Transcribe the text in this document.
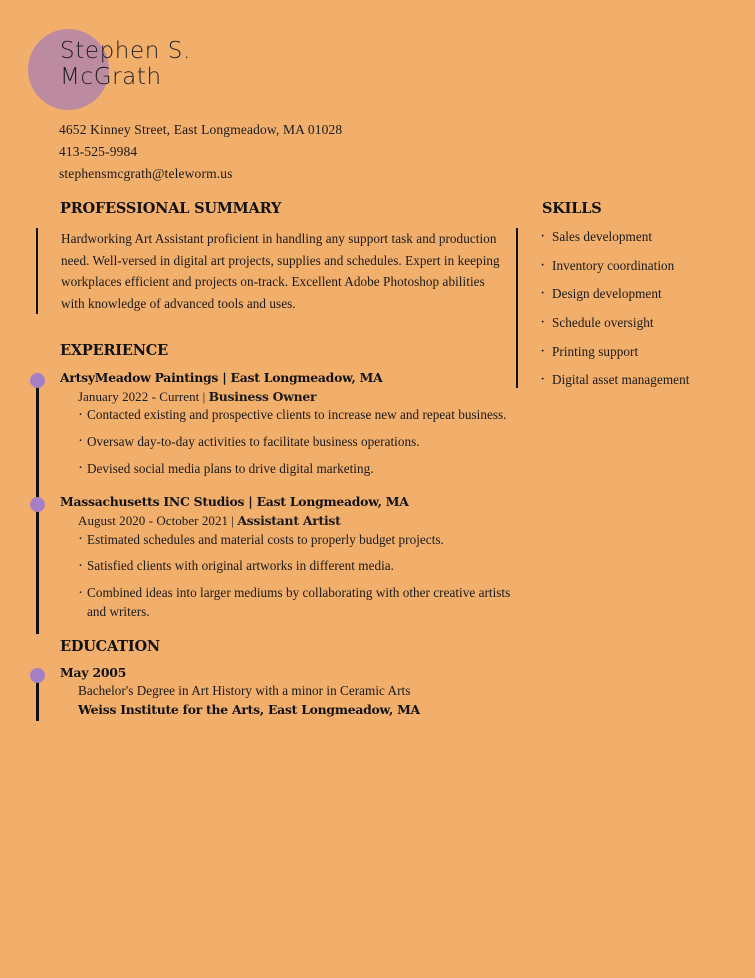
Stephen S.
McGrath
4652 Kinney Street, East Longmeadow, MA 01028
413-525-9984
stephensmcgrath@teleworm.us
PROFESSIONAL SUMMARY

Hardworking Art Assistant proficient in handling any support task and production need. Well-versed in digital art projects, supplies and schedules. Expert in keeping workplaces efficient and projects on-track. Excellent Adobe Photoshop abilities with knowledge of advanced tools and uses.

EXPERIENCE
ArtsyMeadow Paintings | East Longmeadow, MA

January 2022 - Current | Business Owner

· Contacted existing and prospective clients to increase new and repeat business.
· Oversaw day-to-day activities to facilitate business operations.
· Devised social media plans to drive digital marketing.
Massachusetts INC Studios | East Longmeadow, MA

August 2020 - October 2021 | Assistant Artist

· Estimated schedules and material costs to properly budget projects.
· Satisfied clients with original artworks in different media.
· Combined ideas into larger mediums by collaborating with other creative artists and writers.
EDUCATION
May 2005

Bachelor's Degree in Art History with a minor in Ceramic Arts

Weiss Institute for the Arts, East Longmeadow, MA

SKILLS
· Sales development
· Inventory coordination
· Design development
· Schedule oversight
· Printing support
· Digital asset management
